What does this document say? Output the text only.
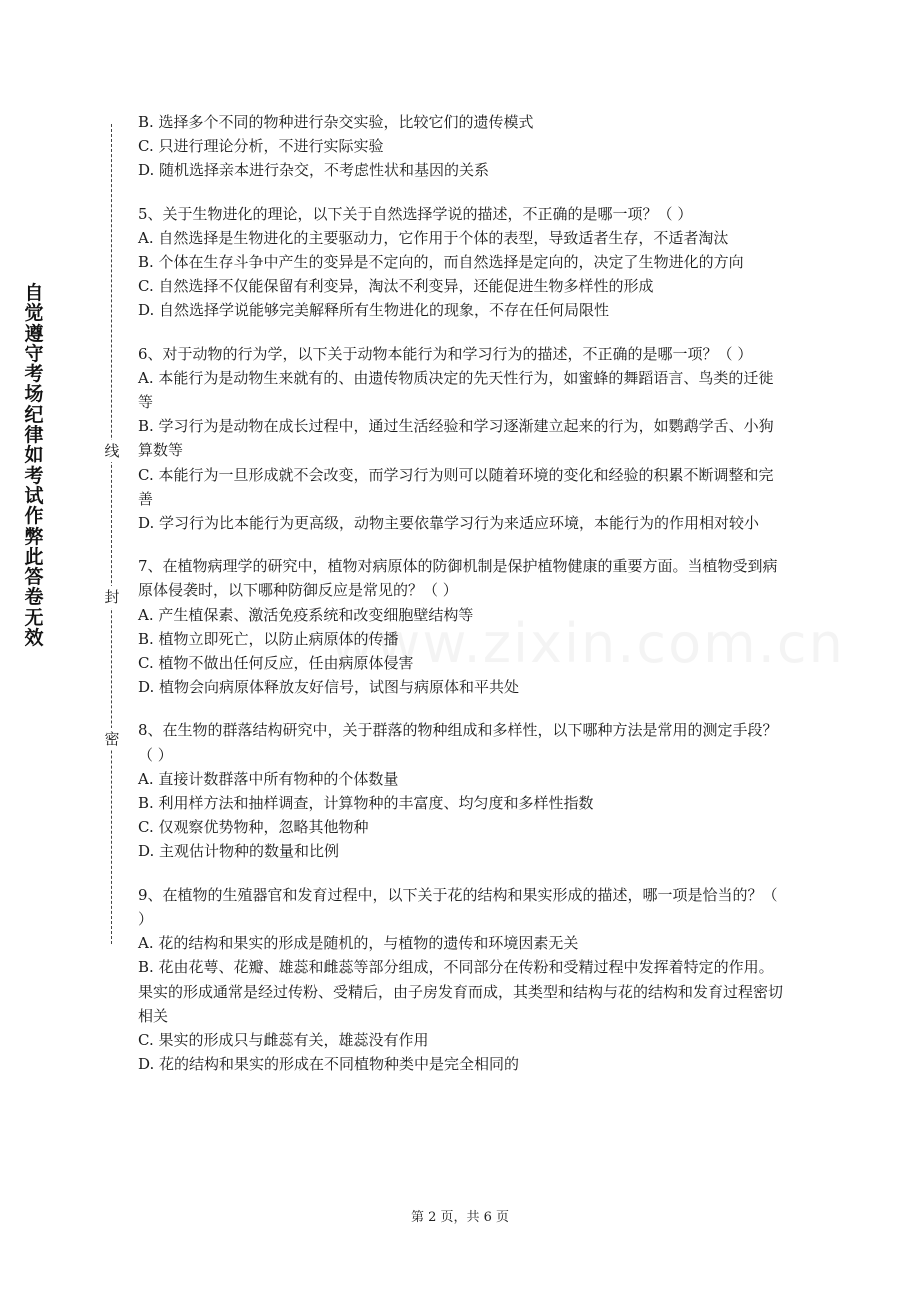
自觉遵守考场纪律如考试作弊此答卷无效
线
封
密
B. 选择多个不同的物种进行杂交实验，比较它们的遗传模式
C. 只进行理论分析，不进行实际实验
D. 随机选择亲本进行杂交，不考虑性状和基因的关系
5、关于生物进化的理论，以下关于自然选择学说的描述，不正确的是哪一项？（ ）
A. 自然选择是生物进化的主要驱动力，它作用于个体的表型，导致适者生存，不适者淘汰
B. 个体在生存斗争中产生的变异是不定向的，而自然选择是定向的，决定了生物进化的方向
C. 自然选择不仅能保留有利变异，淘汰不利变异，还能促进生物多样性的形成
D. 自然选择学说能够完美解释所有生物进化的现象，不存在任何局限性
6、对于动物的行为学，以下关于动物本能行为和学习行为的描述，不正确的是哪一项？（ ）
A. 本能行为是动物生来就有的、由遗传物质决定的先天性行为，如蜜蜂的舞蹈语言、鸟类的迁徙等
B. 学习行为是动物在成长过程中，通过生活经验和学习逐渐建立起来的行为，如鹦鹉学舌、小狗算数等
C. 本能行为一旦形成就不会改变，而学习行为则可以随着环境的变化和经验的积累不断调整和完善
D. 学习行为比本能行为更高级，动物主要依靠学习行为来适应环境，本能行为的作用相对较小
7、在植物病理学的研究中，植物对病原体的防御机制是保护植物健康的重要方面。当植物受到病原体侵袭时，以下哪种防御反应是常见的？（ ）
A. 产生植保素、激活免疫系统和改变细胞壁结构等
B. 植物立即死亡，以防止病原体的传播
C. 植物不做出任何反应，任由病原体侵害
D. 植物会向病原体释放友好信号，试图与病原体和平共处
8、在生物的群落结构研究中，关于群落的物种组成和多样性，以下哪种方法是常用的测定手段？（ ）
A. 直接计数群落中所有物种的个体数量
B. 利用样方法和抽样调查，计算物种的丰富度、均匀度和多样性指数
C. 仅观察优势物种，忽略其他物种
D. 主观估计物种的数量和比例
9、在植物的生殖器官和发育过程中，以下关于花的结构和果实形成的描述，哪一项是恰当的？（ ）
A. 花的结构和果实的形成是随机的，与植物的遗传和环境因素无关
B. 花由花萼、花瓣、雄蕊和雌蕊等部分组成，不同部分在传粉和受精过程中发挥着特定的作用。果实的形成通常是经过传粉、受精后，由子房发育而成，其类型和结构与花的结构和发育过程密切相关
C. 果实的形成只与雌蕊有关，雄蕊没有作用
D. 花的结构和果实的形成在不同植物种类中是完全相同的
第 2 页，共 6 页
